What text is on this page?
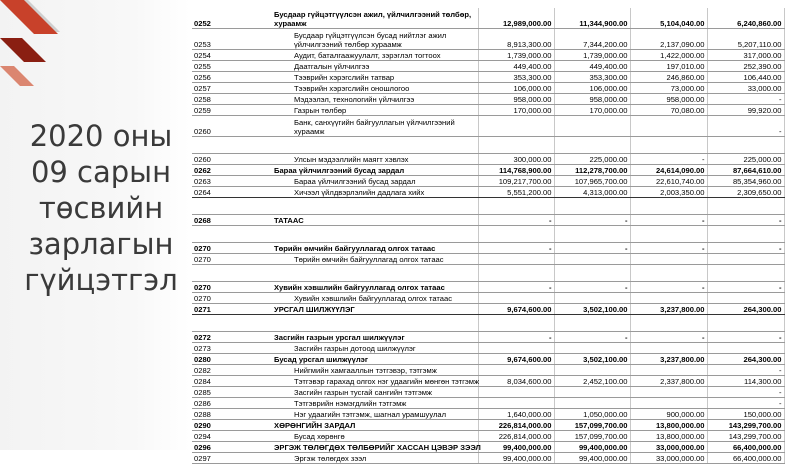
2020 оны
09 сарын
төсвийн
зарлагын
гүйцэтгэл
0252	Бусдаар гүйцэтгүүлсэн ажил, үйлчилгээний төлбөр, хураамж	12,989,000.00	11,344,900.00	5,104,040.00	6,240,860.00
0253	Бусдаар гүйцэтгүүлсэн бусад нийтлэг ажил үйлчилгээний төлбөр хураамж	8,913,300.00	7,344,200.00	2,137,090.00	5,207,110.00
0254	Аудит, баталгаажуулалт, зэрэглэл тогтоох	1,739,000.00	1,739,000.00	1,422,000.00	317,000.00
0255	Даатгалын үйлчилгээ	449,400.00	449,400.00	197,010.00	252,390.00
0256	Тээврийн хэрэгслийн татвар	353,300.00	353,300.00	246,860.00	106,440.00
0257	Тээврийн хэрэгслийн оношлогоо	106,000.00	106,000.00	73,000.00	33,000.00
0258	Мэдээлэл, технологийн үйлчилгээ	958,000.00	958,000.00	958,000.00	-
0259	Газрын төлбөр	170,000.00	170,000.00	70,080.00	99,920.00
0260	Банк, санхүүгийн байгууллагын үйлчилгээний хураамж				-

0260	Улсын мэдээллийн маягт хэвлэх	300,000.00	225,000.00	-	225,000.00
0262	Бараа үйлчилгээний бусад зардал	114,768,900.00	112,278,700.00	24,614,090.00	87,664,610.00
0263	Бараа үйлчилгээний бусад зардал	109,217,700.00	107,965,700.00	22,610,740.00	85,354,960.00
0264	Хичээл үйлдвэрлэлийн дадлага хийх	5,551,200.00	4,313,000.00	2,003,350.00	2,309,650.00

0268	ТАТААС	-	-	-	-

0270	Төрийн өмчийн байгууллагад олгох татаас	-	-	-	-
0270	Төрийн өмчийн байгууллагад олгох татаас				

0270	Хувийн хэвшлийн байгууллагад олгох татаас	-	-	-	-
0270	Хувийн хэвшлийн байгууллагад олгох татаас				
0271	УРСГАЛ ШИЛЖҮҮЛЭГ	9,674,600.00	3,502,100.00	3,237,800.00	264,300.00

0272	Засгийн газрын урсгал шилжүүлэг	-	-	-	-
0273	Засгийн газрын дотоод шилжүүлэг				
0280	Бусад урсгал шилжүүлэг	9,674,600.00	3,502,100.00	3,237,800.00	264,300.00
0282	Нийгмийн хамгааллын тэтгэвэр, тэтгэмж				-
0284	Тэтгэвэр гарахад олгох нэг удаагийн мөнгөн тэтгэмж	8,034,600.00	2,452,100.00	2,337,800.00	114,300.00
0285	Засгийн газрын тусгай сангийн тэтгэмж				-
0286	Тэтгэврийн нэмэгдлийн тэтгэмж				-
0288	Нэг удаагийн тэтгэмж, шагнал урамшуулал	1,640,000.00	1,050,000.00	900,000.00	150,000.00
0290	ХӨРӨНГИЙН ЗАРДАЛ	226,814,000.00	157,099,700.00	13,800,000.00	143,299,700.00
0294	Бусад хөрөнгө	226,814,000.00	157,099,700.00	13,800,000.00	143,299,700.00
0296	ЭРГЭЖ ТӨЛӨГДӨХ ТӨЛБӨРИЙГ ХАССАН ЦЭВЭР ЗЭЭЛ	99,400,000.00	99,400,000.00	33,000,000.00	66,400,000.00
0297	Эргэж төлөгдөх зээл	99,400,000.00	99,400,000.00	33,000,000.00	66,400,000.00
